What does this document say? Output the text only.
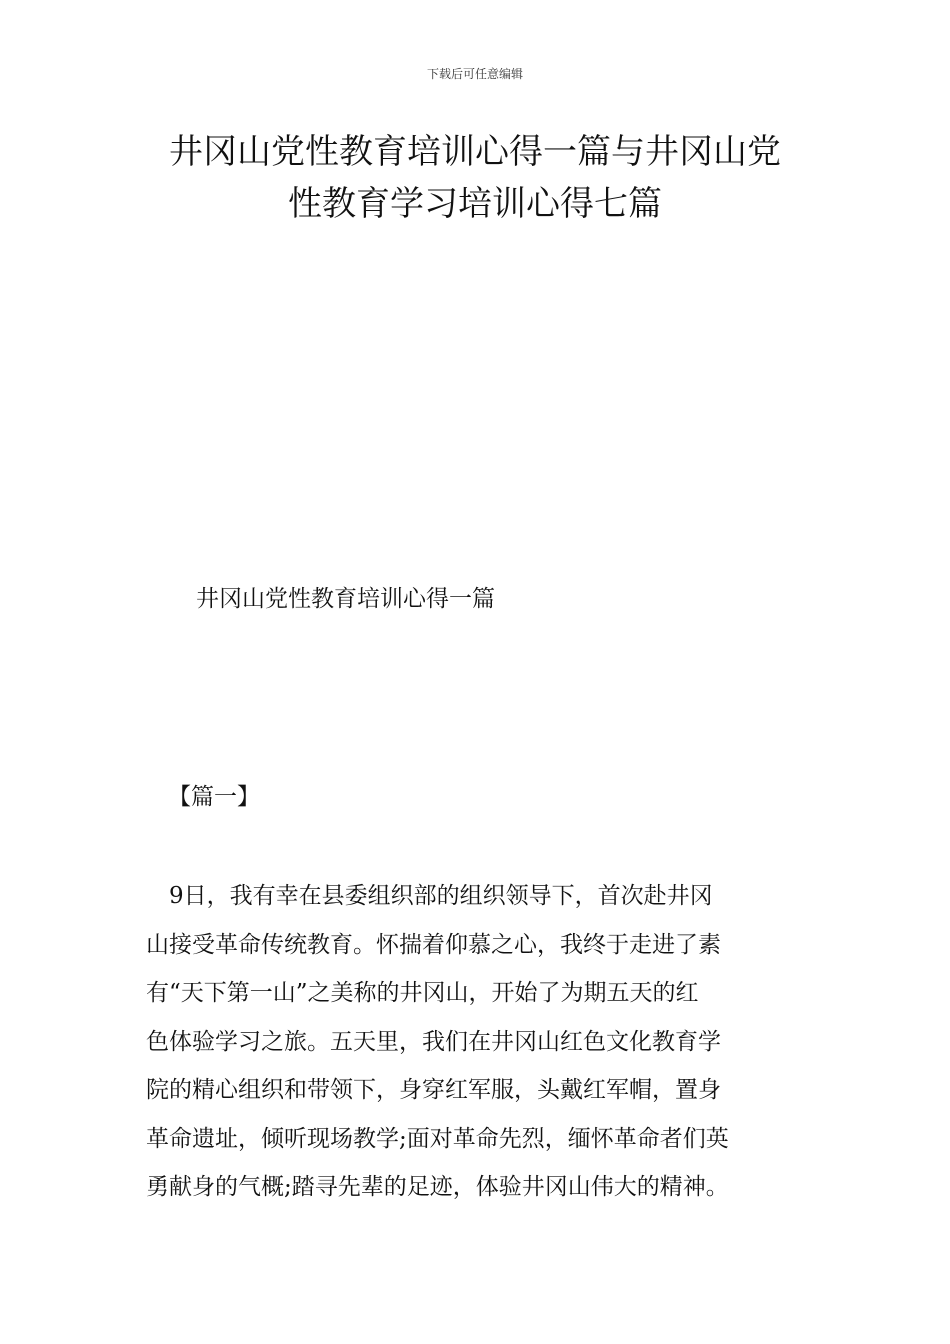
下载后可任意编辑
井冈山党性教育培训心得一篇与井冈山党
性教育学习培训心得七篇
井冈山党性教育培训心得一篇
【篇一】

　9日，我有幸在县委组织部的组织领导下，首次赴井冈
山接受革命传统教育。怀揣着仰慕之心，我终于走进了素
有“天下第一山”之美称的井冈山，开始了为期五天的红
色体验学习之旅。五天里，我们在井冈山红色文化教育学
院的精心组织和带领下，身穿红军服，头戴红军帽，置身
革命遗址，倾听现场教学;面对革命先烈，缅怀革命者们英
勇献身的气概;踏寻先辈的足迹，体验井冈山伟大的精神。
